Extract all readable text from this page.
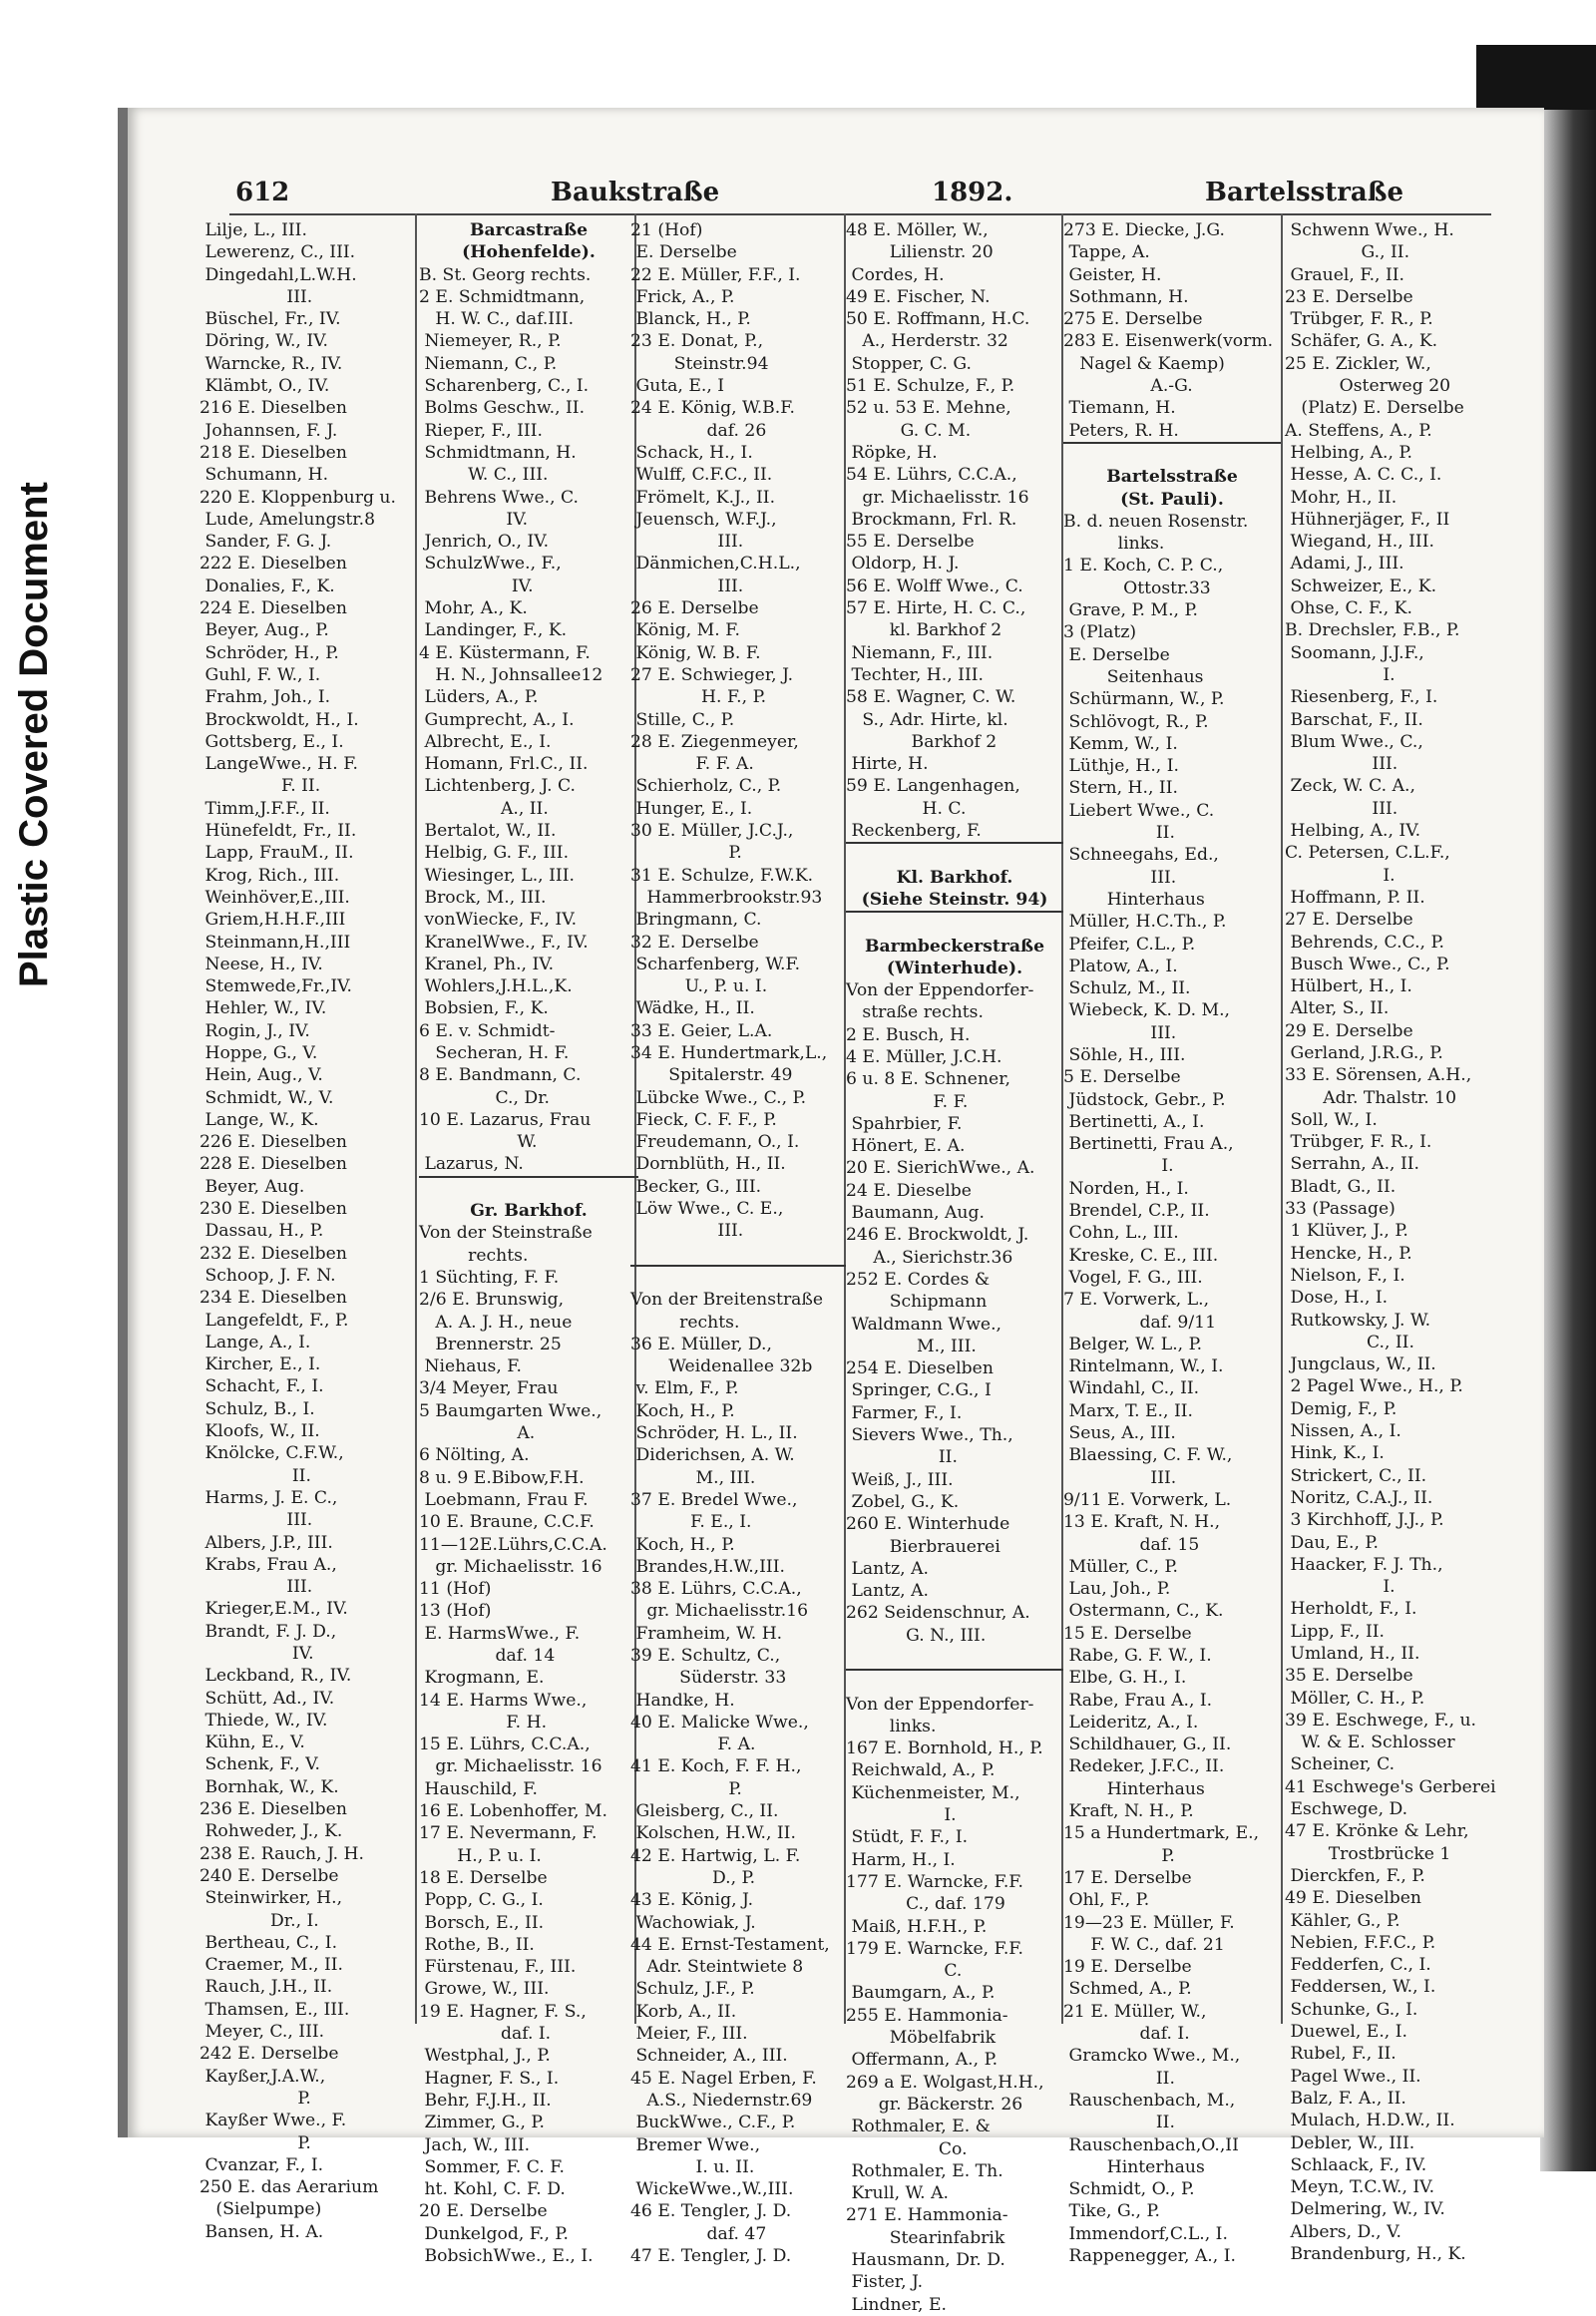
Plastic Covered Document
612	Baukstraße	1892.	Bartelsstraße
Lilje, L., III.
Lewerenz, C., III.
Dingedahl,L.W.H.
III.
Büschel, Fr., IV.
Döring, W., IV.
Warncke, R., IV.
Klämbt, O., IV.
216 E. Dieselben
Johannsen, F. J.
218 E. Dieselben
Schumann, H.
220 E. Kloppenburg u.
Lude, Amelungstr.8
Sander, F. G. J.
222 E. Dieselben
Donalies, F., K.
224 E. Dieselben
Beyer, Aug., P.
Schröder, H., P.
Guhl, F. W., I.
Frahm, Joh., I.
Brockwoldt, H., I.
Gottsberg, E., I.
LangeWwe., H. F.
F. II.
Timm,J.F.F., II.
Hünefeldt, Fr., II.
Lapp, FrauM., II.
Krog, Rich., III.
Weinhöver,E.,III.
Griem,H.H.F.,III
Steinmann,H.,III
Neese, H., IV.
Stemwede,Fr.,IV.
Hehler, W., IV.
Rogin, J., IV.
Hoppe, G., V.
Hein, Aug., V.
Schmidt, W., V.
Lange, W., K.
226 E. Dieselben
228 E. Dieselben
Beyer, Aug.
230 E. Dieselben
Dassau, H., P.
232 E. Dieselben
Schoop, J. F. N.
234 E. Dieselben
Langefeldt, F., P.
Lange, A., I.
Kircher, E., I.
Schacht, F., I.
Schulz, B., I.
Kloofs, W., II.
Knölcke, C.F.W.,
II.
Harms, J. E. C.,
III.
Albers, J.P., III.
Krabs, Frau A.,
III.
Krieger,E.M., IV.
Brandt, F. J. D.,
IV.
Leckband, R., IV.
Schütt, Ad., IV.
Thiede, W., IV.
Kühn, E., V.
Schenk, F., V.
Bornhak, W., K.
236 E. Dieselben
Rohweder, J., K.
238 E. Rauch, J. H.
240 E. Derselbe
Steinwirker, H.,
Dr., I.
Bertheau, C., I.
Craemer, M., II.
Rauch, J.H., II.
Thamsen, E., III.
Meyer, C., III.
242 E. Derselbe
Kayßer,J.A.W.,
P.
Kayßer Wwe., F.
P.
Cvanzar, F., I.
250 E. das Aerarium
(Sielpumpe)
Bansen, H. A.
Barcastraße
(Hohenfelde).
B. St. Georg rechts.
2 E. Schmidtmann,
H. W. C., daf.III.
Niemeyer, R., P.
Niemann, C., P.
Scharenberg, C., I.
Bolms Geschw., II.
Rieper, F., III.
Schmidtmann, H.
W. C., III.
Behrens Wwe., C.
IV.
Jenrich, O., IV.
SchulzWwe., F.,
IV.
Mohr, A., K.
Landinger, F., K.
4 E. Küstermann, F.
H. N., Johnsallee12
Lüders, A., P.
Gumprecht, A., I.
Albrecht, E., I.
Homann, Frl.C., II.
Lichtenberg, J. C.
A., II.
Bertalot, W., II.
Helbig, G. F., III.
Wiesinger, L., III.
Brock, M., III.
vonWiecke, F., IV.
KranelWwe., F., IV.
Kranel, Ph., IV.
Wohlers,J.H.L.,K.
Bobsien, F., K.
6 E. v. Schmidt-
Secheran, H. F.
8 E. Bandmann, C.
C., Dr.
10 E. Lazarus, Frau
W.
Lazarus, N.
Gr. Barkhof.
Von der Steinstraße
rechts.
1 Süchting, F. F.
2/6 E. Brunswig,
A. A. J. H., neue
Brennerstr. 25
Niehaus, F.
3/4 Meyer, Frau
5 Baumgarten Wwe.,
A.
6 Nölting, A.
8 u. 9 E.Bibow,F.H.
Loebmann, Frau F.
10 E. Braune, C.C.F.
11—12E.Lührs,C.C.A.
gr. Michaelisstr. 16
11 (Hof)
13 (Hof)
E. HarmsWwe., F.
daf. 14
Krogmann, E.
14 E. Harms Wwe.,
F. H.
15 E. Lührs, C.C.A.,
gr. Michaelisstr. 16
Hauschild, F.
16 E. Lobenhoffer, M.
17 E. Nevermann, F.
H., P. u. I.
18 E. Derselbe
Popp, C. G., I.
Borsch, E., II.
Rothe, B., II.
Fürstenau, F., III.
Growe, W., III.
19 E. Hagner, F. S.,
daf. I.
Westphal, J., P.
Hagner, F. S., I.
Behr, F.J.H., II.
Zimmer, G., P.
Jach, W., III.
Sommer, F. C. F.
ht. Kohl, C. F. D.
20 E. Derselbe
Dunkelgod, F., P.
BobsichWwe., E., I.
21 (Hof)
E. Derselbe
22 E. Müller, F.F., I.
Frick, A., P.
Blanck, H., P.
23 E. Donat, P.,
Steinstr.94
Guta, E., I
24 E. König, W.B.F.
daf. 26
Schack, H., I.
Wulff, C.F.C., II.
Frömelt, K.J., II.
Jeuensch, W.F.J.,
III.
Dänmichen,C.H.L.,
III.
26 E. Derselbe
König, M. F.
König, W. B. F.
27 E. Schwieger, J.
H. F., P.
Stille, C., P.
28 E. Ziegenmeyer,
F. F. A.
Schierholz, C., P.
Hunger, E., I.
30 E. Müller, J.C.J.,
P.
31 E. Schulze, F.W.K.
Hammerbrookstr.93
Bringmann, C.
32 E. Derselbe
Scharfenberg, W.F.
U., P. u. I.
Wädke, H., II.
33 E. Geier, L.A.
34 E. Hundertmark,L.,
Spitalerstr. 49
Lübcke Wwe., C., P.
Fieck, C. F. F., P.
Freudemann, O., I.
Dornblüth, H., II.
Becker, G., III.
Löw Wwe., C. E.,
III.
Von der Breitenstraße
rechts.
36 E. Müller, D.,
Weidenallee 32b
v. Elm, F., P.
Koch, H., P.
Schröder, H. L., II.
Diderichsen, A. W.
M., III.
37 E. Bredel Wwe.,
F. E., I.
Koch, H., P.
Brandes,H.W.,III.
38 E. Lührs, C.C.A.,
gr. Michaelisstr.16
Framheim, W. H.
39 E. Schultz, C.,
Süderstr. 33
Handke, H.
40 E. Malicke Wwe.,
F. A.
41 E. Koch, F. F. H.,
P.
Gleisberg, C., II.
Kolschen, H.W., II.
42 E. Hartwig, L. F.
D., P.
43 E. König, J.
Wachowiak, J.
44 E. Ernst-Testament,
Adr. Steintwiete 8
Schulz, J.F., P.
Korb, A., II.
Meier, F., III.
Schneider, A., III.
45 E. Nagel Erben, F.
A.S., Niedernstr.69
BuckWwe., C.F., P.
Bremer Wwe.,
I. u. II.
WickeWwe.,W.,III.
46 E. Tengler, J. D.
daf. 47
47 E. Tengler, J. D.
48 E. Möller, W.,
Lilienstr. 20
Cordes, H.
49 E. Fischer, N.
50 E. Roffmann, H.C.
A., Herderstr. 32
Stopper, C. G.
51 E. Schulze, F., P.
52 u. 53 E. Mehne,
G. C. M.
Röpke, H.
54 E. Lührs, C.C.A.,
gr. Michaelisstr. 16
Brockmann, Frl. R.
55 E. Derselbe
Oldorp, H. J.
56 E. Wolff Wwe., C.
57 E. Hirte, H. C. C.,
kl. Barkhof 2
Niemann, F., III.
Techter, H., III.
58 E. Wagner, C. W.
S., Adr. Hirte, kl.
Barkhof 2
Hirte, H.
59 E. Langenhagen,
H. C.
Reckenberg, F.
Kl. Barkhof.
(Siehe Steinstr. 94)
Barmbeckerstraße
(Winterhude).
Von der Eppendorfer-
straße rechts.
2 E. Busch, H.
4 E. Müller, J.C.H.
6 u. 8 E. Schnener,
F. F.
Spahrbier, F.
Hönert, E. A.
20 E. SierichWwe., A.
24 E. Dieselbe
Baumann, Aug.
246 E. Brockwoldt, J.
A., Sierichstr.36
252 E. Cordes &
Schipmann
Waldmann Wwe.,
M., III.
254 E. Dieselben
Springer, C.G., I
Farmer, F., I.
Sievers Wwe., Th.,
II.
Weiß, J., III.
Zobel, G., K.
260 E. Winterhude
Bierbrauerei
Lantz, A.
Lantz, A.
262 Seidenschnur, A.
G. N., III.
Von der Eppendorfer-
links.
167 E. Bornhold, H., P.
Reichwald, A., P.
Küchenmeister, M.,
I.
Stüdt, F. F., I.
Harm, H., I.
177 E. Warncke, F.F.
C., daf. 179
Maiß, H.F.H., P.
179 E. Warncke, F.F.
C.
Baumgarn, A., P.
255 E. Hammonia-
Möbelfabrik
Offermann, A., P.
269 a E. Wolgast,H.H.,
gr. Bäckerstr. 26
Rothmaler, E. &
Co.
Rothmaler, E. Th.
Krull, W. A.
271 E. Hammonia-
Stearinfabrik
Hausmann, Dr. D.
Fister, J.
Lindner, E.
273 E. Diecke, J.G.
Tappe, A.
Geister, H.
Sothmann, H.
275 E. Derselbe
283 E. Eisenwerk(vorm.
Nagel & Kaemp)
A.-G.
Tiemann, H.
Peters, R. H.
Bartelsstraße
(St. Pauli).
B. d. neuen Rosenstr.
links.
1 E. Koch, C. P. C.,
Ottostr.33
Grave, P. M., P.
3 (Platz)
E. Derselbe
Seitenhaus
Schürmann, W., P.
Schlövogt, R., P.
Kemm, W., I.
Lüthje, H., I.
Stern, H., II.
Liebert Wwe., C.
II.
Schneegahs, Ed.,
III.
Hinterhaus
Müller, H.C.Th., P.
Pfeifer, C.L., P.
Platow, A., I.
Schulz, M., II.
Wiebeck, K. D. M.,
III.
Söhle, H., III.
5 E. Derselbe
Jüdstock, Gebr., P.
Bertinetti, A., I.
Bertinetti, Frau A.,
I.
Norden, H., I.
Brendel, C.P., II.
Cohn, L., III.
Kreske, C. E., III.
Vogel, F. G., III.
7 E. Vorwerk, L.,
daf. 9/11
Belger, W. L., P.
Rintelmann, W., I.
Windahl, C., II.
Marx, T. E., II.
Seus, A., III.
Blaessing, C. F. W.,
III.
9/11 E. Vorwerk, L.
13 E. Kraft, N. H.,
daf. 15
Müller, C., P.
Lau, Joh., P.
Ostermann, C., K.
15 E. Derselbe
Rabe, G. F. W., I.
Elbe, G. H., I.
Rabe, Frau A., I.
Leideritz, A., I.
Schildhauer, G., II.
Redeker, J.F.C., II.
Hinterhaus
Kraft, N. H., P.
15 a Hundertmark, E.,
P.
17 E. Derselbe
Ohl, F., P.
19—23 E. Müller, F.
F. W. C., daf. 21
19 E. Derselbe
Schmed, A., P.
21 E. Müller, W.,
daf. I.
Gramcko Wwe., M.,
II.
Rauschenbach, M.,
II.
Rauschenbach,O.,II
Hinterhaus
Schmidt, O., P.
Tike, G., P.
Immendorf,C.L., I.
Rappenegger, A., I.
Schwenn Wwe., H.
G., II.
Grauel, F., II.
23 E. Derselbe
Trübger, F. R., P.
Schäfer, G. A., K.
25 E. Zickler, W.,
Osterweg 20
(Platz) E. Derselbe
A. Steffens, A., P.
Helbing, A., P.
Hesse, A. C. C., I.
Mohr, H., II.
Hühnerjäger, F., II
Wiegand, H., III.
Adami, J., III.
Schweizer, E., K.
Ohse, C. F., K.
B. Drechsler, F.B., P.
Soomann, J.J.F.,
I.
Riesenberg, F., I.
Barschat, F., II.
Blum Wwe., C.,
III.
Zeck, W. C. A.,
III.
Helbing, A., IV.
C. Petersen, C.L.F.,
I.
Hoffmann, P. II.
27 E. Derselbe
Behrends, C.C., P.
Busch Wwe., C., P.
Hülbert, H., I.
Alter, S., II.
29 E. Derselbe
Gerland, J.R.G., P.
33 E. Sörensen, A.H.,
Adr. Thalstr. 10
Soll, W., I.
Trübger, F. R., I.
Serrahn, A., II.
Bladt, G., II.
33 (Passage)
1 Klüver, J., P.
Hencke, H., P.
Nielson, F., I.
Dose, H., I.
Rutkowsky, J. W.
C., II.
Jungclaus, W., II.
2 Pagel Wwe., H., P.
Demig, F., P.
Nissen, A., I.
Hink, K., I.
Strickert, C., II.
Noritz, C.A.J., II.
3 Kirchhoff, J.J., P.
Dau, E., P.
Haacker, F. J. Th.,
I.
Herholdt, F., I.
Lipp, F., II.
Umland, H., II.
35 E. Derselbe
Möller, C. H., P.
39 E. Eschwege, F., u.
W. & E. Schlosser
Scheiner, C.
41 Eschwege's Gerberei
Eschwege, D.
47 E. Krönke & Lehr,
Trostbrücke 1
Dierckfen, F., P.
49 E. Dieselben
Kähler, G., P.
Nebien, F.F.C., P.
Fedderfen, C., I.
Feddersen, W., I.
Schunke, G., I.
Duewel, E., I.
Rubel, F., II.
Pagel Wwe., II.
Balz, F. A., II.
Mulach, H.D.W., II.
Debler, W., III.
Schlaack, F., IV.
Meyn, T.C.W., IV.
Delmering, W., IV.
Albers, D., V.
Brandenburg, H., K.
